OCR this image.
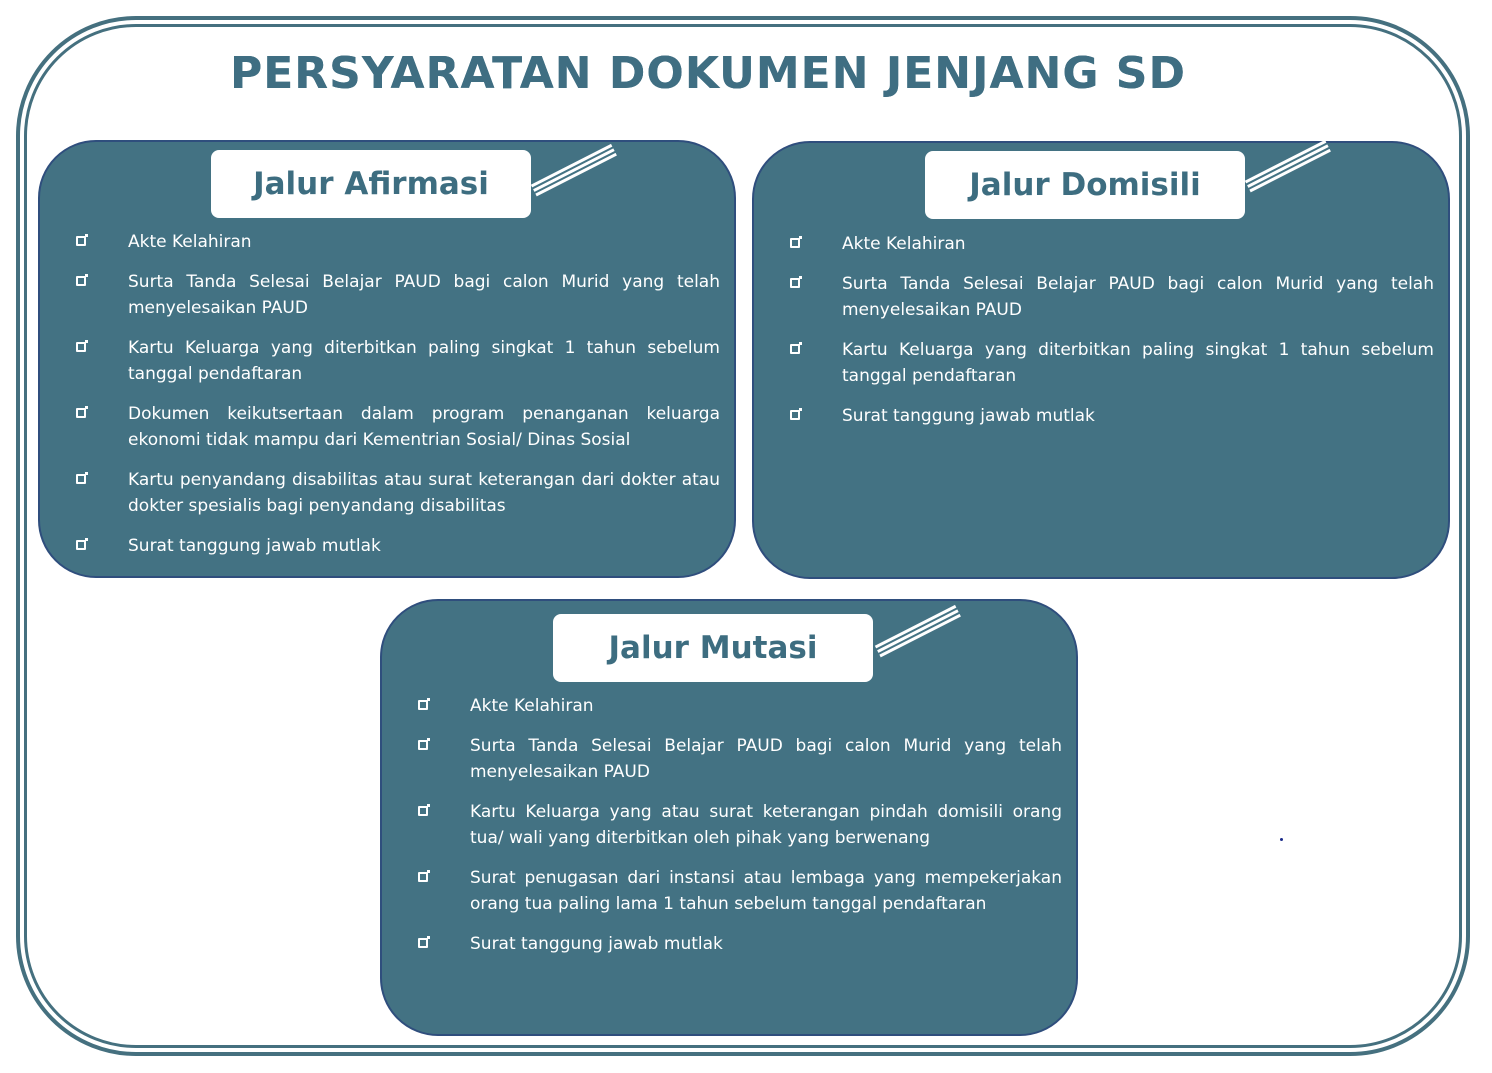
PERSYARATAN DOKUMEN JENJANG SD
Jalur Afirmasi
Akte Kelahiran
Surta Tanda Selesai Belajar PAUD bagi calon Murid yang telah menyelesaikan PAUD
Kartu Keluarga yang diterbitkan paling singkat 1 tahun sebelum tanggal pendaftaran
Dokumen keikutsertaan dalam program penanganan keluarga ekonomi tidak mampu dari Kementrian Sosial/ Dinas Sosial
Kartu penyandang disabilitas atau surat keterangan dari dokter atau dokter spesialis bagi penyandang disabilitas
Surat tanggung jawab mutlak
Jalur Domisili
Akte Kelahiran
Surta Tanda Selesai Belajar PAUD bagi calon Murid yang telah menyelesaikan PAUD
Kartu Keluarga yang diterbitkan paling singkat 1 tahun sebelum tanggal pendaftaran
Surat tanggung jawab mutlak
Jalur Mutasi
Akte Kelahiran
Surta Tanda Selesai Belajar PAUD bagi calon Murid yang telah menyelesaikan PAUD
Kartu Keluarga yang atau surat keterangan pindah domisili orang tua/ wali yang diterbitkan oleh pihak yang berwenang
Surat penugasan dari instansi atau lembaga yang mempekerjakan orang tua paling lama 1 tahun sebelum tanggal pendaftaran
Surat tanggung jawab mutlak
